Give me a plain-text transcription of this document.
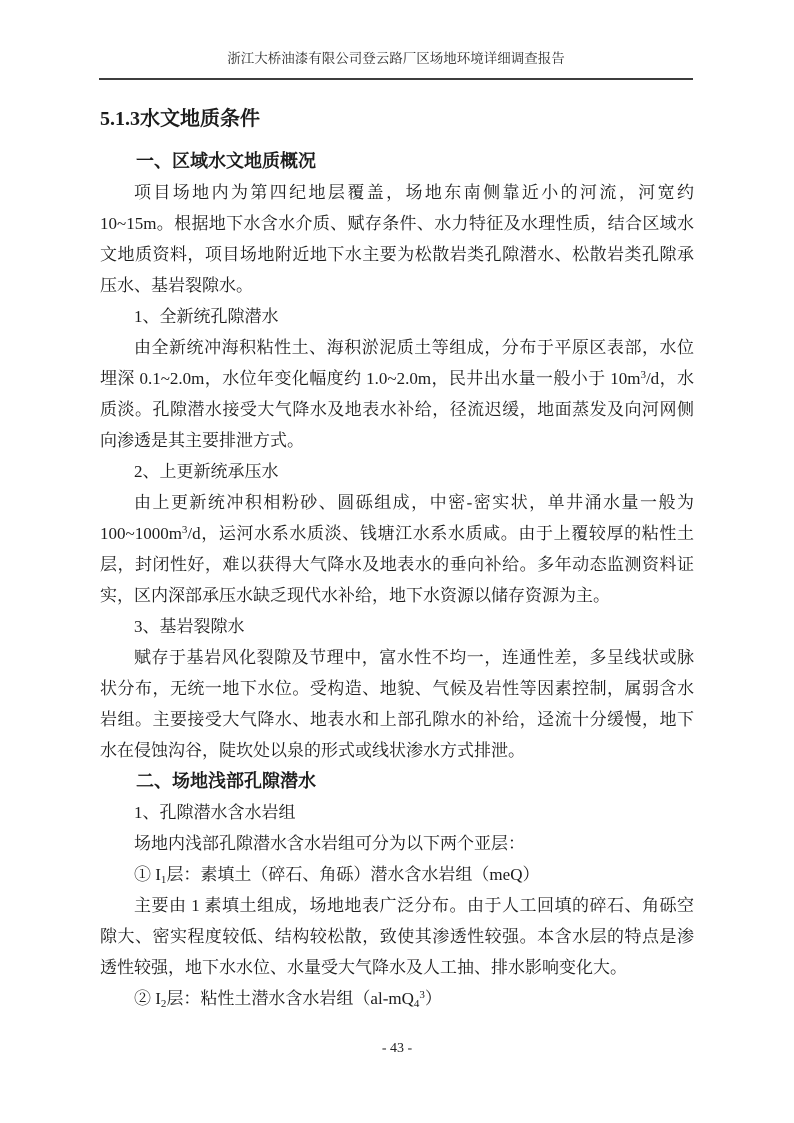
浙江大桥油漆有限公司登云路厂区场地环境详细调查报告
5.1.3水文地质条件
一、区域水文地质概况

项目场地内为第四纪地层覆盖，场地东南侧靠近小的河流，河宽约 10~15m。根据地下水含水介质、赋存条件、水力特征及水理性质，结合区域水文地质资料，项目场地附近地下水主要为松散岩类孔隙潜水、松散岩类孔隙承压水、基岩裂隙水。

1、全新统孔隙潜水

由全新统冲海积粘性土、海积淤泥质土等组成，分布于平原区表部，水位埋深 0.1~2.0m，水位年变化幅度约 1.0~2.0m，民井出水量一般小于 $10m^3/d$，水质淡。孔隙潜水接受大气降水及地表水补给，径流迟缓，地面蒸发及向河网侧向渗透是其主要排泄方式。

2、上更新统承压水

由上更新统冲积相粉砂、圆砾组成，中密-密实状，单井涌水量一般为 $100\sim 1000m^3/d$，运河水系水质淡、钱塘江水系水质咸。由于上覆较厚的粘性土层，封闭性好，难以获得大气降水及地表水的垂向补给。多年动态监测资料证实，区内深部承压水缺乏现代水补给，地下水资源以储存资源为主。

3、基岩裂隙水

赋存于基岩风化裂隙及节理中，富水性不均一，连通性差，多呈线状或脉状分布，无统一地下水位。受构造、地貌、气候及岩性等因素控制，属弱含水岩组。主要接受大气降水、地表水和上部孔隙水的补给，迳流十分缓慢，地下水在侵蚀沟谷，陡坎处以泉的形式或线状渗水方式排泄。

二、场地浅部孔隙潜水

1、孔隙潜水含水岩组

场地内浅部孔隙潜水含水岩组可分为以下两个亚层：

① $I_1$层：素填土（碎石、角砾）潜水含水岩组（meQ）

主要由 1 素填土组成，场地地表广泛分布。由于人工回填的碎石、角砾空隙大、密实程度较低、结构较松散，致使其渗透性较强。本含水层的特点是渗透性较强，地下水水位、水量受大气降水及人工抽、排水影响变化大。

② $I_2$层：粘性土潜水含水岩组$(al-mQ_4^3)$

- 43 -
